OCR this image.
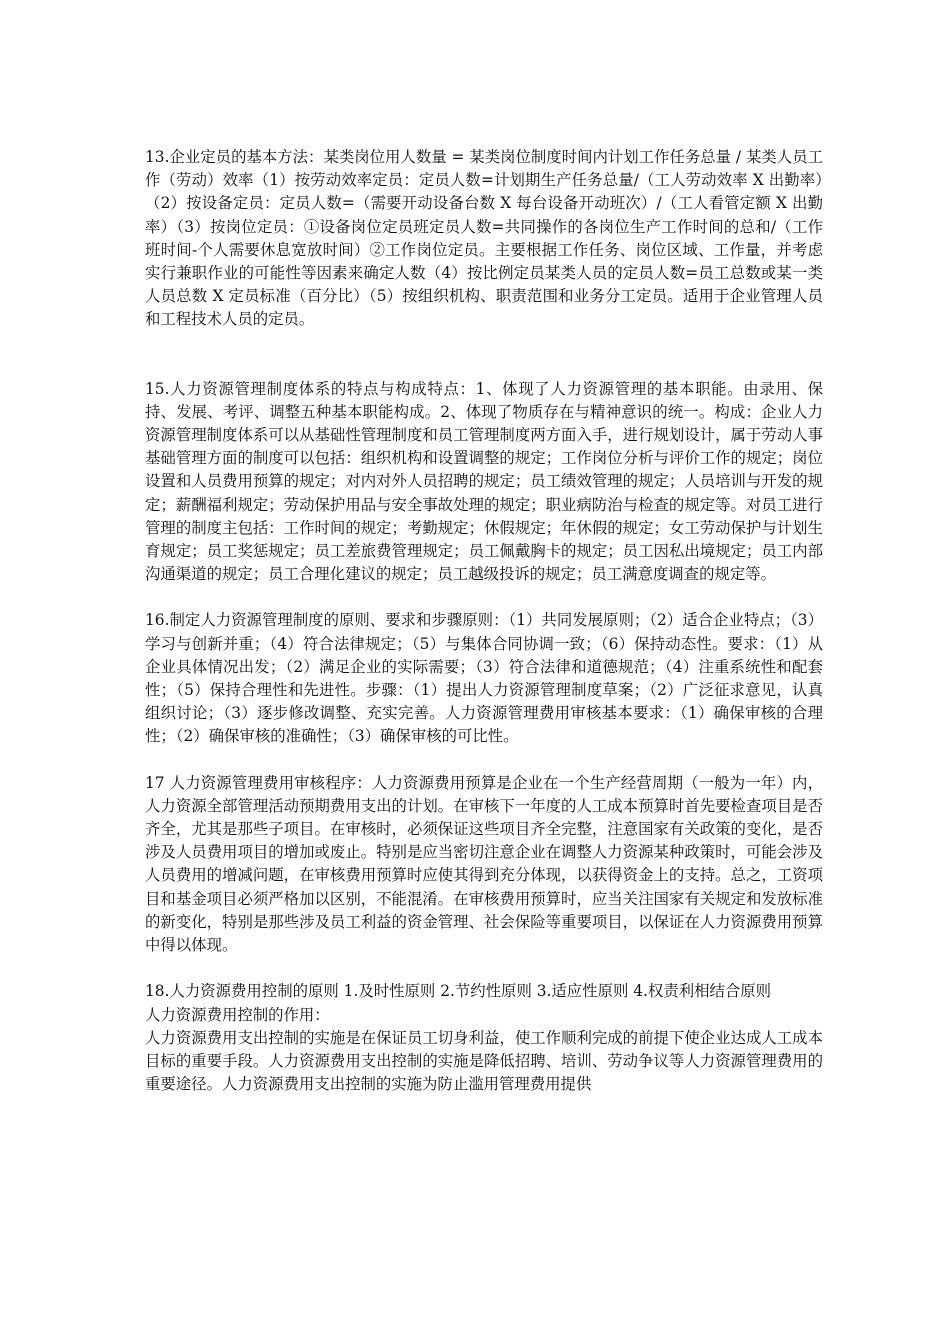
13.企业定员的基本方法：某类岗位用人数量 = 某类岗位制度时间内计划工作任务总量 / 某类人员工作（劳动）效率（1）按劳动效率定员：定员人数=计划期生产任务总量/（工人劳动效率 X 出勤率）（2）按设备定员：定员人数=（需要开动设备台数 X 每台设备开动班次）/（工人看管定额 X 出勤率）（3）按岗位定员：①设备岗位定员班定员人数=共同操作的各岗位生产工作时间的总和/（工作班时间-个人需要休息宽放时间）②工作岗位定员。主要根据工作任务、岗位区域、工作量，并考虑实行兼职作业的可能性等因素来确定人数（4）按比例定员某类人员的定员人数=员工总数或某一类人员总数 X 定员标准（百分比）（5）按组织机构、职责范围和业务分工定员。适用于企业管理人员和工程技术人员的定员。

15.人力资源管理制度体系的特点与构成特点：1、体现了人力资源管理的基本职能。由录用、保持、发展、考评、调整五种基本职能构成。2、体现了物质存在与精神意识的统一。构成：企业人力资源管理制度体系可以从基础性管理制度和员工管理制度两方面入手，进行规划设计，属于劳动人事基础管理方面的制度可以包括：组织机构和设置调整的规定；工作岗位分析与评价工作的规定；岗位设置和人员费用预算的规定；对内对外人员招聘的规定；员工绩效管理的规定；人员培训与开发的规定；薪酬福利规定；劳动保护用品与安全事故处理的规定；职业病防治与检查的规定等。对员工进行管理的制度主包括：工作时间的规定；考勤规定；休假规定；年休假的规定；女工劳动保护与计划生育规定；员工奖惩规定；员工差旅费管理规定；员工佩戴胸卡的规定；员工因私出境规定；员工内部沟通渠道的规定；员工合理化建议的规定；员工越级投诉的规定；员工满意度调查的规定等。

16.制定人力资源管理制度的原则、要求和步骤原则：（1）共同发展原则；（2）适合企业特点；（3）学习与创新并重；（4）符合法律规定；（5）与集体合同协调一致；（6）保持动态性。要求：（1）从企业具体情况出发；（2）满足企业的实际需要；（3）符合法律和道德规范；（4）注重系统性和配套性；（5）保持合理性和先进性。步骤：（1）提出人力资源管理制度草案；（2）广泛征求意见，认真组织讨论；（3）逐步修改调整、充实完善。人力资源管理费用审核基本要求：（1）确保审核的合理性；（2）确保审核的准确性；（3）确保审核的可比性。

17 人力资源管理费用审核程序：人力资源费用预算是企业在一个生产经营周期（一般为一年）内，人力资源全部管理活动预期费用支出的计划。在审核下一年度的人工成本预算时首先要检查项目是否齐全，尤其是那些子项目。在审核时，必须保证这些项目齐全完整，注意国家有关政策的变化，是否涉及人员费用项目的增加或废止。特别是应当密切注意企业在调整人力资源某种政策时，可能会涉及人员费用的增减问题，在审核费用预算时应使其得到充分体现，以获得资金上的支持。总之，工资项目和基金项目必须严格加以区别，不能混淆。在审核费用预算时，应当关注国家有关规定和发放标准的新变化，特别是那些涉及员工利益的资金管理、社会保险等重要项目，以保证在人力资源费用预算中得以体现。

18.人力资源费用控制的原则 1.及时性原则 2.节约性原则 3.适应性原则 4.权责利相结合原则

人力资源费用控制的作用：

人力资源费用支出控制的实施是在保证员工切身利益，使工作顺利完成的前提下使企业达成人工成本目标的重要手段。人力资源费用支出控制的实施是降低招聘、培训、劳动争议等人力资源管理费用的重要途径。人力资源费用支出控制的实施为防止滥用管理费用提供
